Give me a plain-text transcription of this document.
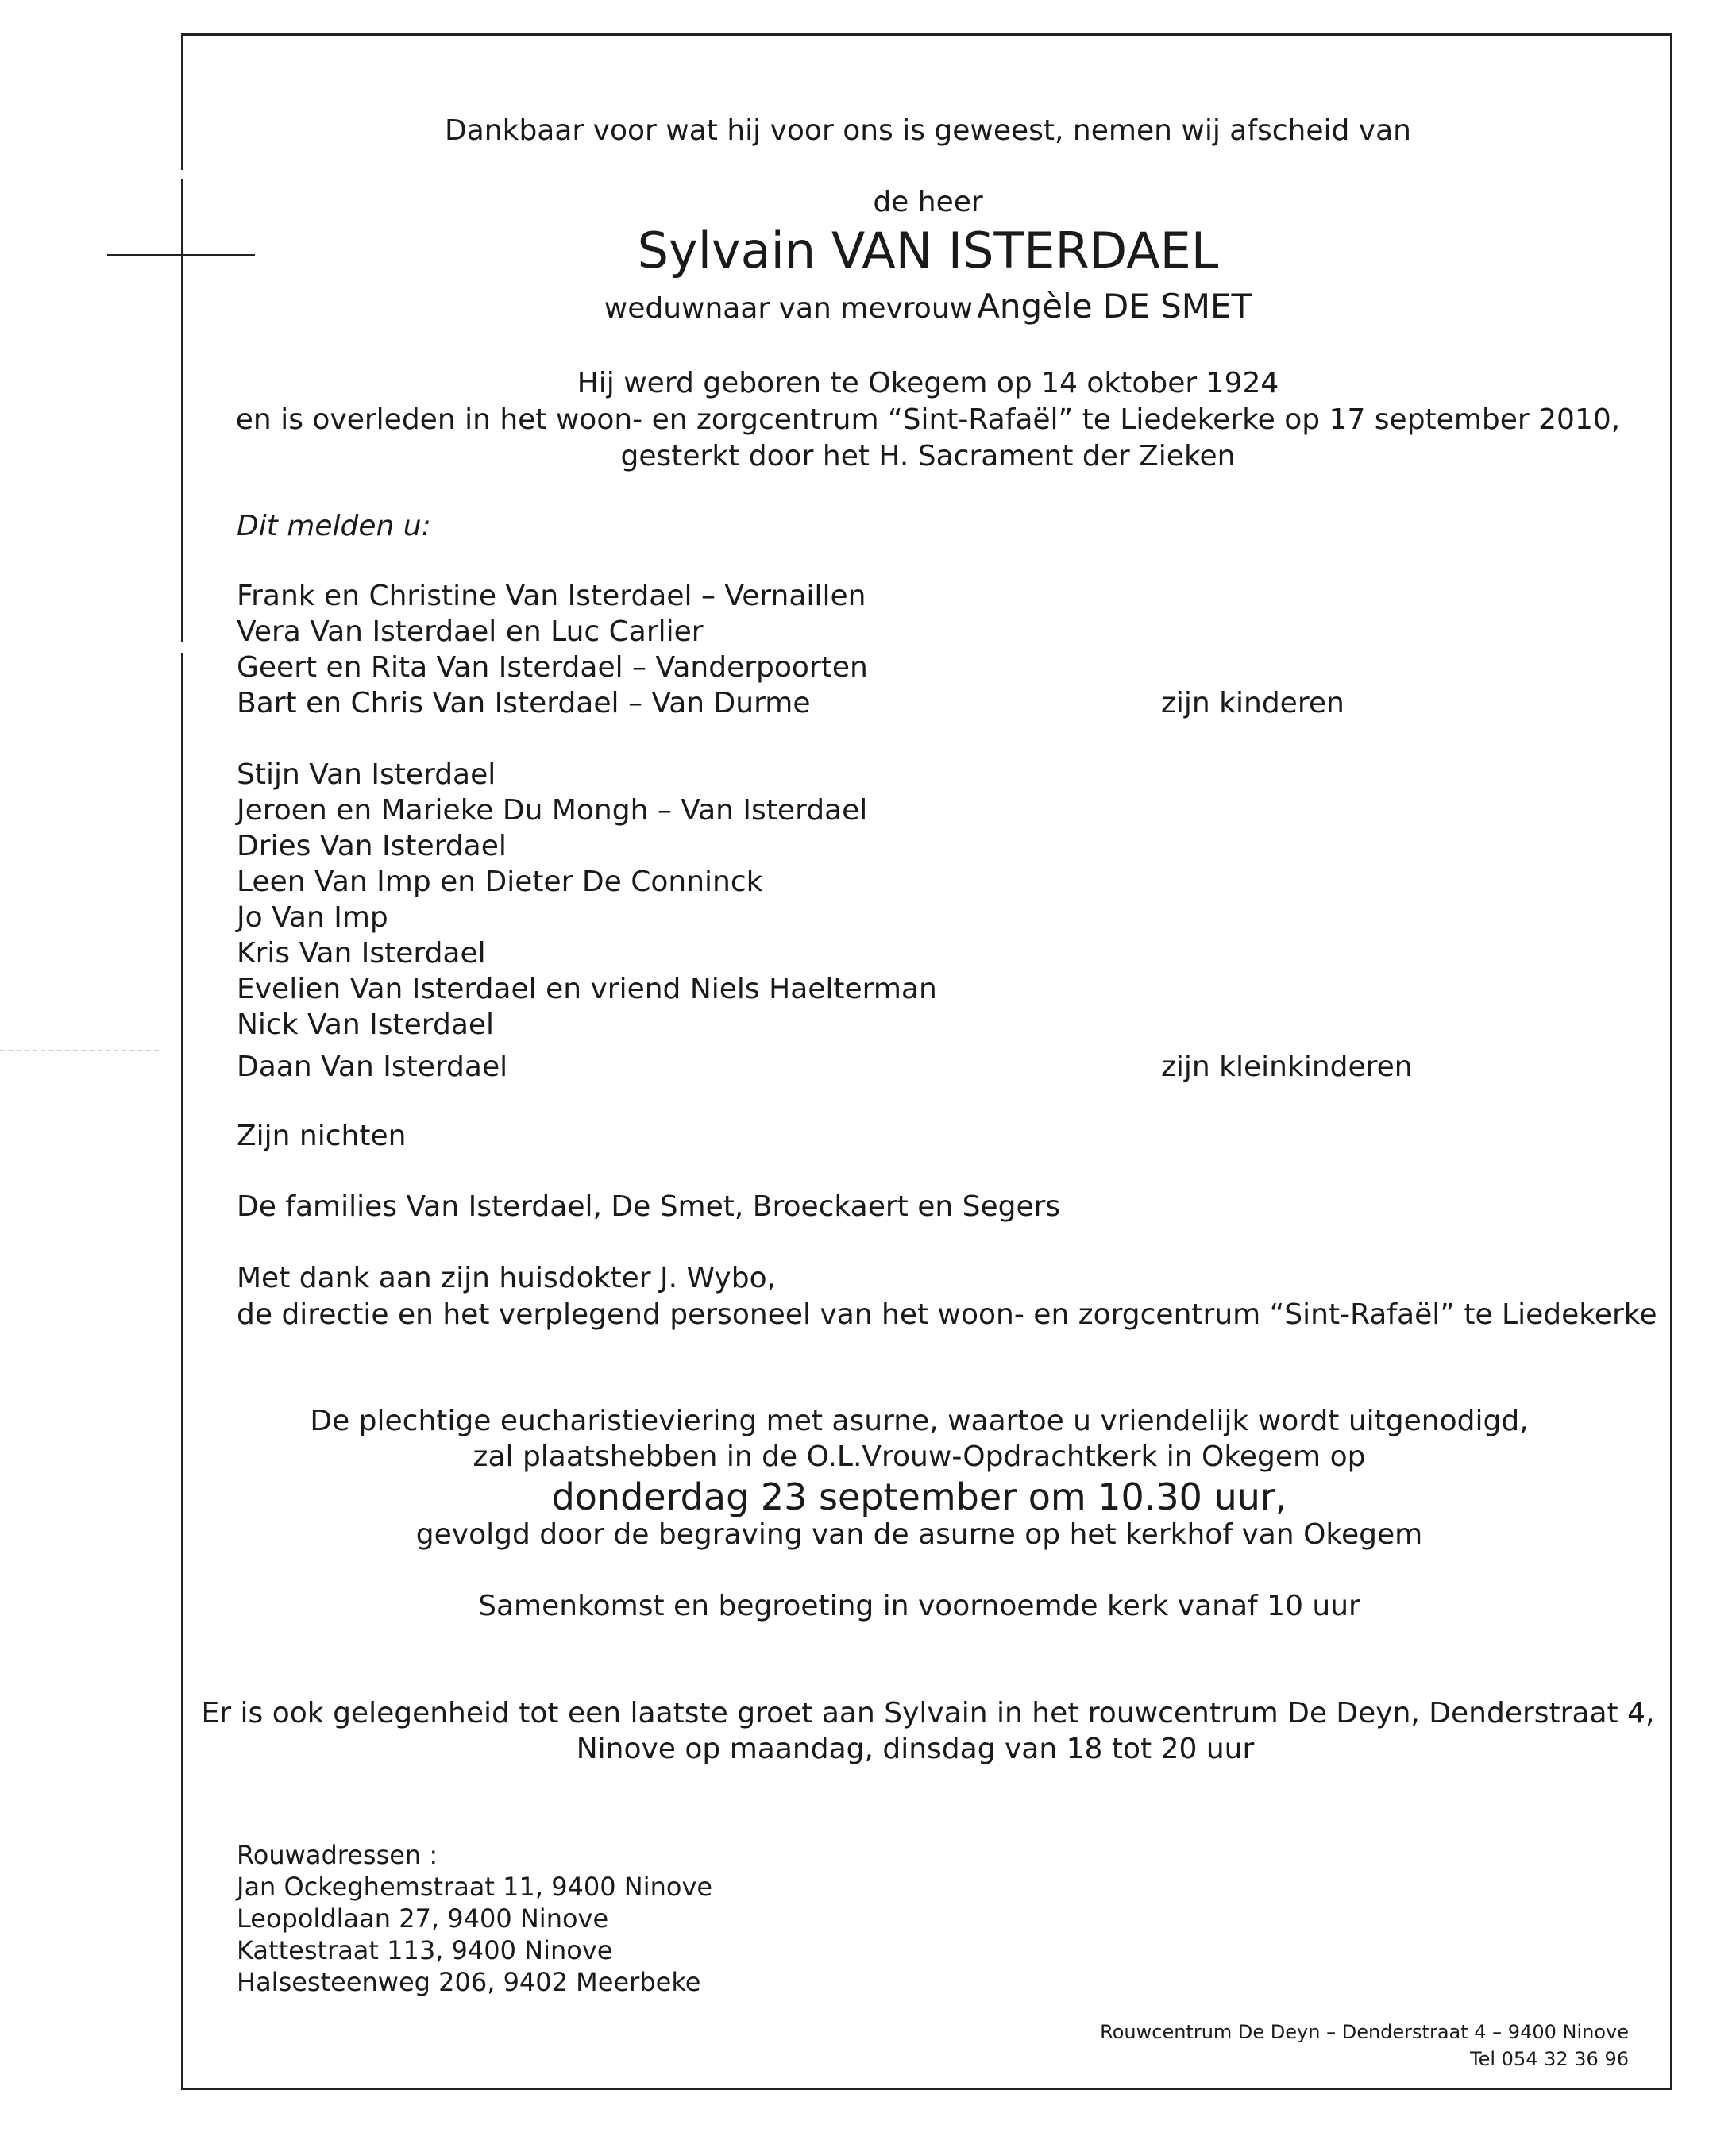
Dankbaar voor wat hij voor ons is geweest, nemen wij afscheid van
de heer
Sylvain VAN ISTERDAEL
weduwnaar van mevrouw Angèle DE SMET
Hij werd geboren te Okegem op 14 oktober 1924
en is overleden in het woon- en zorgcentrum “Sint-Rafaël” te Liedekerke op 17 september 2010,
gesterkt door het H. Sacrament der Zieken
Dit melden u:
Frank en Christine Van Isterdael – Vernaillen
Vera Van Isterdael en Luc Carlier
Geert en Rita Van Isterdael – Vanderpoorten
Bart en Chris Van Isterdael – Van Durme	zijn kinderen
Stijn Van Isterdael
Jeroen en Marieke Du Mongh – Van Isterdael
Dries Van Isterdael
Leen Van Imp en Dieter De Conninck
Jo Van Imp
Kris Van Isterdael
Evelien Van Isterdael en vriend Niels Haelterman
Nick Van Isterdael
Daan Van Isterdael	zijn kleinkinderen
Zijn nichten
De families Van Isterdael, De Smet, Broeckaert en Segers
Met dank aan zijn huisdokter J. Wybo,
de directie en het verplegend personeel van het woon- en zorgcentrum “Sint-Rafaël” te Liedekerke
De plechtige eucharistieviering met asurne, waartoe u vriendelijk wordt uitgenodigd,
zal plaatshebben in de O.L.Vrouw-Opdrachtkerk in Okegem op
donderdag 23 september om 10.30 uur,
gevolgd door de begraving van de asurne op het kerkhof van Okegem
Samenkomst en begroeting in voornoemde kerk vanaf 10 uur
Er is ook gelegenheid tot een laatste groet aan Sylvain in het rouwcentrum De Deyn, Denderstraat 4,
Ninove op maandag, dinsdag van 18 tot 20 uur
Rouwadressen :
Jan Ockeghemstraat 11, 9400 Ninove
Leopoldlaan 27, 9400 Ninove
Kattestraat 113, 9400 Ninove
Halsesteenweg 206, 9402 Meerbeke
Rouwcentrum De Deyn – Denderstraat 4 – 9400 Ninove
Tel 054 32 36 96
